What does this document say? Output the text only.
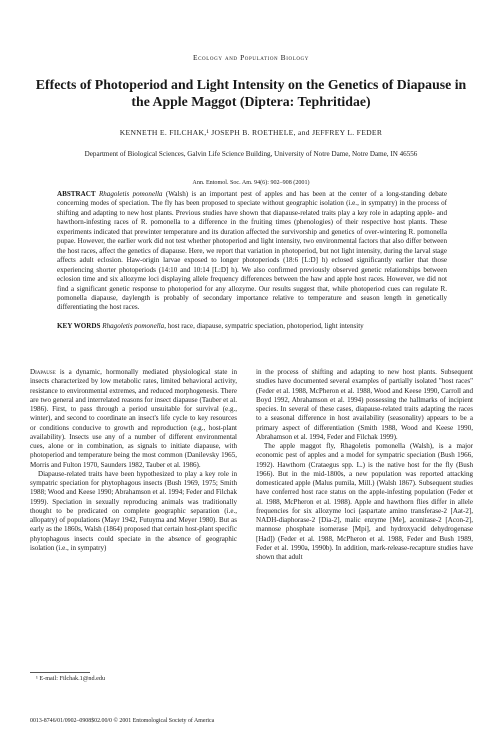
Ecology and Population Biology
Effects of Photoperiod and Light Intensity on the Genetics of Diapause in the Apple Maggot (Diptera: Tephritidae)
KENNETH E. FILCHAK,¹ JOSEPH B. ROETHELE, and JEFFREY L. FEDER
Department of Biological Sciences, Galvin Life Science Building, University of Notre Dame, Notre Dame, IN 46556
Ann. Entomol. Soc. Am. 94(6): 902–908 (2001)
ABSTRACT Rhagoletis pomonella (Walsh) is an important pest of apples and has been at the center of a long-standing debate concerning modes of speciation. The fly has been proposed to speciate without geographic isolation (i.e., in sympatry) in the process of shifting and adapting to new host plants. Previous studies have shown that diapause-related traits play a key role in adapting apple- and hawthorn-infesting races of R. pomonella to a difference in the fruiting times (phenologies) of their respective host plants. These experiments indicated that prewinter temperature and its duration affected the survivorship and genetics of over-wintering R. pomonella pupae. However, the earlier work did not test whether photoperiod and light intensity, two environmental factors that also differ between the host races, affect the genetics of diapause. Here, we report that variation in photoperiod, but not light intensity, during the larval stage affects adult eclosion. Haw-origin larvae exposed to longer photoperiods (18:6 [L:D] h) eclosed significantly earlier that those experiencing shorter photoperiods (14:10 and 10:14 [L:D] h). We also confirmed previously observed genetic relationships between eclosion time and six allozyme loci displaying allele frequency differences between the haw and apple host races. However, we did not find a significant genetic response to photoperiod for any allozyme. Our results suggest that, while photoperiod cues can regulate R. pomonella diapause, daylength is probably of secondary importance relative to temperature and season length in genetically differentiating the host races.
KEY WORDS Rhagoletis pomonella, host race, diapause, sympatric speciation, photoperiod, light intensity

Diapause is a dynamic, hormonally mediated physiological state in insects characterized by low metabolic rates, limited behavioral activity, resistance to environmental extremes, and reduced morphogenesis. There are two general and interrelated reasons for insect diapause (Tauber et al. 1986). First, to pass through a period unsuitable for survival (e.g., winter), and second to coordinate an insect's life cycle to key resources or conditions conducive to growth and reproduction (e.g., host-plant availability). Insects use any of a number of different environmental cues, alone or in combination, as signals to initiate diapause, with photoperiod and temperature being the most common (Danilevsky 1965, Morris and Fulton 1970, Saunders 1982, Tauber et al. 1986).

Diapause-related traits have been hypothesized to play a key role in sympatric speciation for phytophagous insects (Bush 1969, 1975; Smith 1988; Wood and Keese 1990; Abrahamson et al. 1994; Feder and Filchak 1999). Speciation in sexually reproducing animals was traditionally thought to be predicated on complete geographic separation (i.e., allopatry) of populations (Mayr 1942, Futuyma and Meyer 1980). But as early as the 1860s, Walsh (1864) proposed that certain host-plant specific phytophagous insects could speciate in the absence of geographic isolation (i.e., in sympatry)

in the process of shifting and adapting to new host plants. Subsequent studies have documented several examples of partially isolated "host races" (Feder et al. 1988, McPheron et al. 1988, Wood and Keese 1990, Carroll and Boyd 1992, Abrahamson et al. 1994) possessing the hallmarks of incipient species. In several of these cases, diapause-related traits adapting the races to a seasonal difference in host availability (seasonality) appears to be a primary aspect of differentiation (Smith 1988, Wood and Keese 1990, Abrahamson et al. 1994, Feder and Filchak 1999).

The apple maggot fly, Rhagoletis pomonella (Walsh), is a major economic pest of apples and a model for sympatric speciation (Bush 1966, 1992). Hawthorn (Crataegus spp. L.) is the native host for the fly (Bush 1966). But in the mid-1800s, a new population was reported attacking domesticated apple (Malus pumila, Mill.) (Walsh 1867). Subsequent studies have conferred host race status on the apple-infesting population (Feder et al. 1988, McPheron et al. 1988). Apple and hawthorn flies differ in allele frequencies for six allozyme loci (aspartate amino transferase-2 [Aat-2], NADH-diaphorase-2 [Dia-2], malic enzyme [Me], aconitase-2 [Acon-2], mannose phosphate isomerase [Mpi], and hydroxyacid dehydrogenase [Had]) (Feder et al. 1988, McPheron et al. 1988, Feder and Bush 1989, Feder et al. 1990a, 1990b). In addition, mark-release-recapture studies have shown that adult

¹ E-mail: Filchak.1@nd.edu
0013-8746/01/0902–0908$02.00/0 © 2001 Entomological Society of America
